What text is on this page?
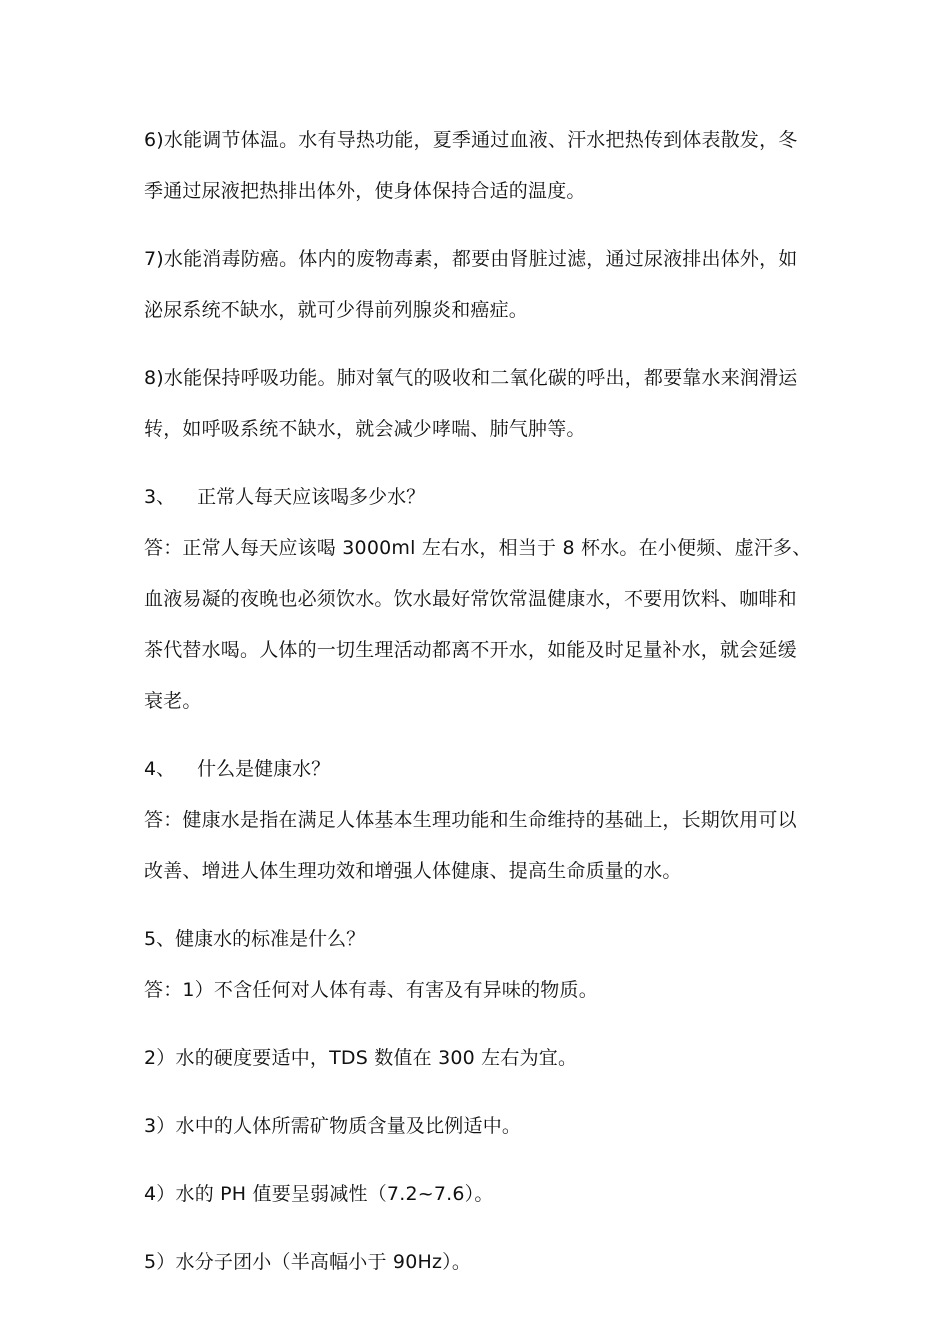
6)水能调节体温。水有导热功能，夏季通过血液、汗水把热传到体表散发，冬季通过尿液把热排出体外，使身体保持合适的温度。

7)水能消毒防癌。体内的废物毒素，都要由肾脏过滤，通过尿液排出体外，如泌尿系统不缺水，就可少得前列腺炎和癌症。

8)水能保持呼吸功能。肺对氧气的吸收和二氧化碳的呼出，都要靠水来润滑运转，如呼吸系统不缺水，就会减少哮喘、肺气肿等。

3、 正常人每天应该喝多少水？

答：正常人每天应该喝 3000ml 左右水，相当于 8 杯水。在小便频、虚汗多、血液易凝的夜晚也必须饮水。饮水最好常饮常温健康水，不要用饮料、咖啡和茶代替水喝。人体的一切生理活动都离不开水，如能及时足量补水，就会延缓衰老。

4、 什么是健康水？

答：健康水是指在满足人体基本生理功能和生命维持的基础上，长期饮用可以改善、增进人体生理功效和增强人体健康、提高生命质量的水。

5、健康水的标准是什么？

答：1）不含任何对人体有毒、有害及有异味的物质。

2）水的硬度要适中，TDS 数值在 300 左右为宜。

3）水中的人体所需矿物质含量及比例适中。

4）水的 PH 值要呈弱减性（7.2~7.6）。

5）水分子团小（半高幅小于 90Hz）。
